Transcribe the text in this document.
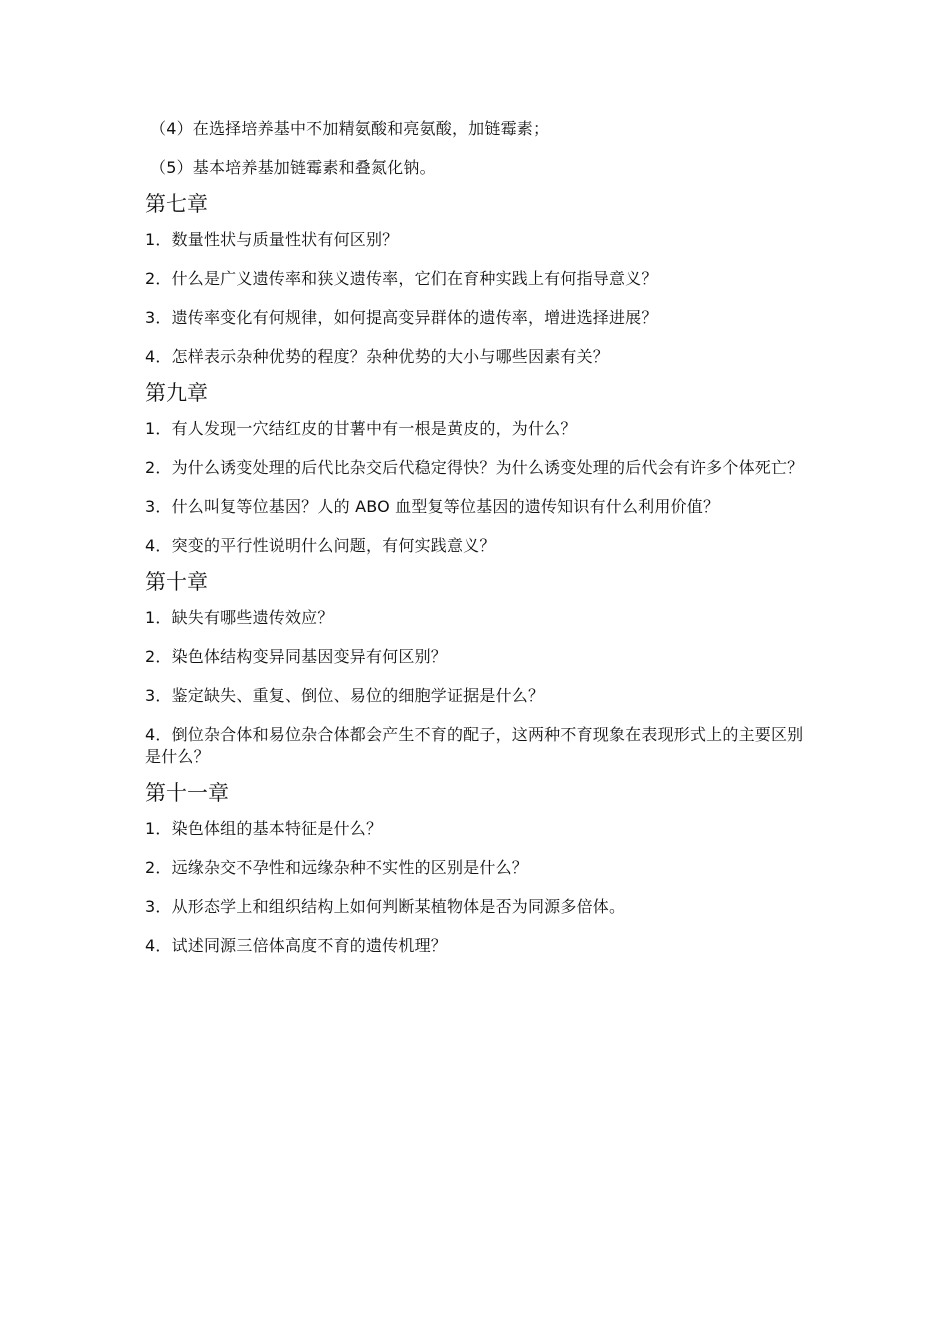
（4）在选择培养基中不加精氨酸和亮氨酸，加链霉素；

（5）基本培养基加链霉素和叠氮化钠。

第七章

1．数量性状与质量性状有何区别？

2．什么是广义遗传率和狭义遗传率，它们在育种实践上有何指导意义？

3．遗传率变化有何规律，如何提高变异群体的遗传率，增进选择进展？

4．怎样表示杂种优势的程度？杂种优势的大小与哪些因素有关？

第九章

1．有人发现一穴结红皮的甘薯中有一根是黄皮的，为什么？

2．为什么诱变处理的后代比杂交后代稳定得快？为什么诱变处理的后代会有许多个体死亡？

3．什么叫复等位基因？人的 ABO 血型复等位基因的遗传知识有什么利用价值？

4．突变的平行性说明什么问题，有何实践意义？

第十章

1．缺失有哪些遗传效应？

2．染色体结构变异同基因变异有何区别？

3．鉴定缺失、重复、倒位、易位的细胞学证据是什么？

4．倒位杂合体和易位杂合体都会产生不育的配子，这两种不育现象在表现形式上的主要区别是什么？

第十一章

1．染色体组的基本特征是什么？

2．远缘杂交不孕性和远缘杂种不实性的区别是什么？

3．从形态学上和组织结构上如何判断某植物体是否为同源多倍体。

4．试述同源三倍体高度不育的遗传机理？
